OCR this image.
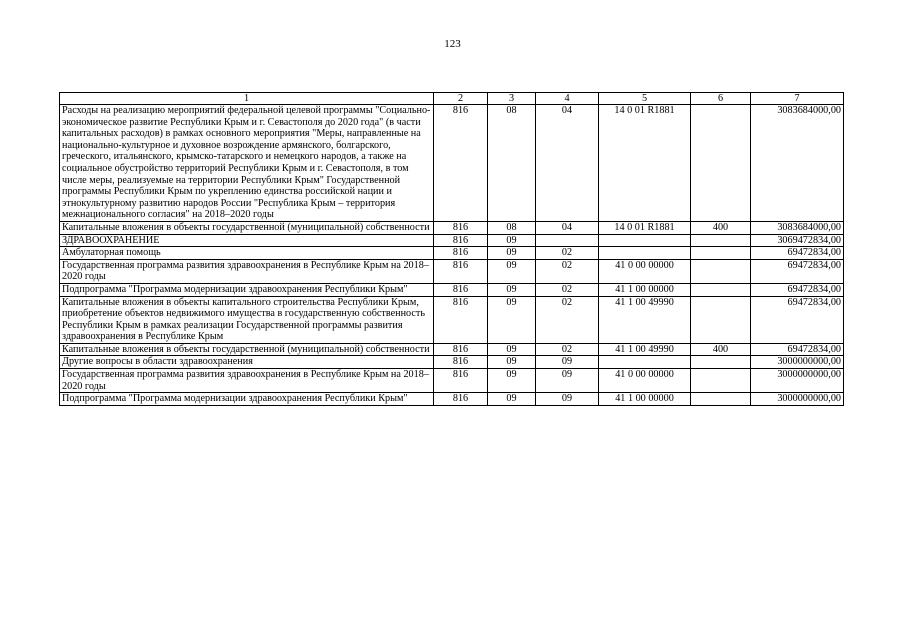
123
1	2	3	4	5	6	7
Расходы на реализацию мероприятий федеральной целевой программы "Социально-экономическое развитие Республики Крым и г. Севастополя до 2020 года" (в части капитальных расходов) в рамках основного мероприятия "Меры, направленные на национально-культурное и духовное возрождение армянского, болгарского, греческого, итальянского, крымско-татарского и немецкого народов, а также на социальное обустройство территорий Республики Крым и г. Севастополя, в том числе меры, реализуемые на территории Республики Крым" Государственной программы Республики Крым по укреплению единства российской нации и этнокультурному развитию народов России "Республика Крым – территория межнационального согласия" на 2018–2020 годы	816	08	04	14 0 01 R1881		3083684000,00
Капитальные вложения в объекты государственной (муниципальной) собственности	816	08	04	14 0 01 R1881	400	3083684000,00
ЗДРАВООХРАНЕНИЕ	816	09				3069472834,00
Амбулаторная помощь	816	09	02			69472834,00
Государственная программа развития здравоохранения в Республике Крым на 2018–2020 годы	816	09	02	41 0 00 00000		69472834,00
Подпрограмма "Программа модернизации здравоохранения Республики Крым"	816	09	02	41 1 00 00000		69472834,00
Капитальные вложения в объекты капитального строительства Республики Крым, приобретение объектов недвижимого имущества в государственную собственность Республики Крым в рамках реализации Государственной программы развития здравоохранения в Республике Крым	816	09	02	41 1 00 49990		69472834,00
Капитальные вложения в объекты государственной (муниципальной) собственности	816	09	02	41 1 00 49990	400	69472834,00
Другие вопросы в области здравоохранения	816	09	09			3000000000,00
Государственная программа развития здравоохранения в Республике Крым на 2018–2020 годы	816	09	09	41 0 00 00000		3000000000,00
Подпрограмма "Программа модернизации здравоохранения Республики Крым"	816	09	09	41 1 00 00000		3000000000,00
